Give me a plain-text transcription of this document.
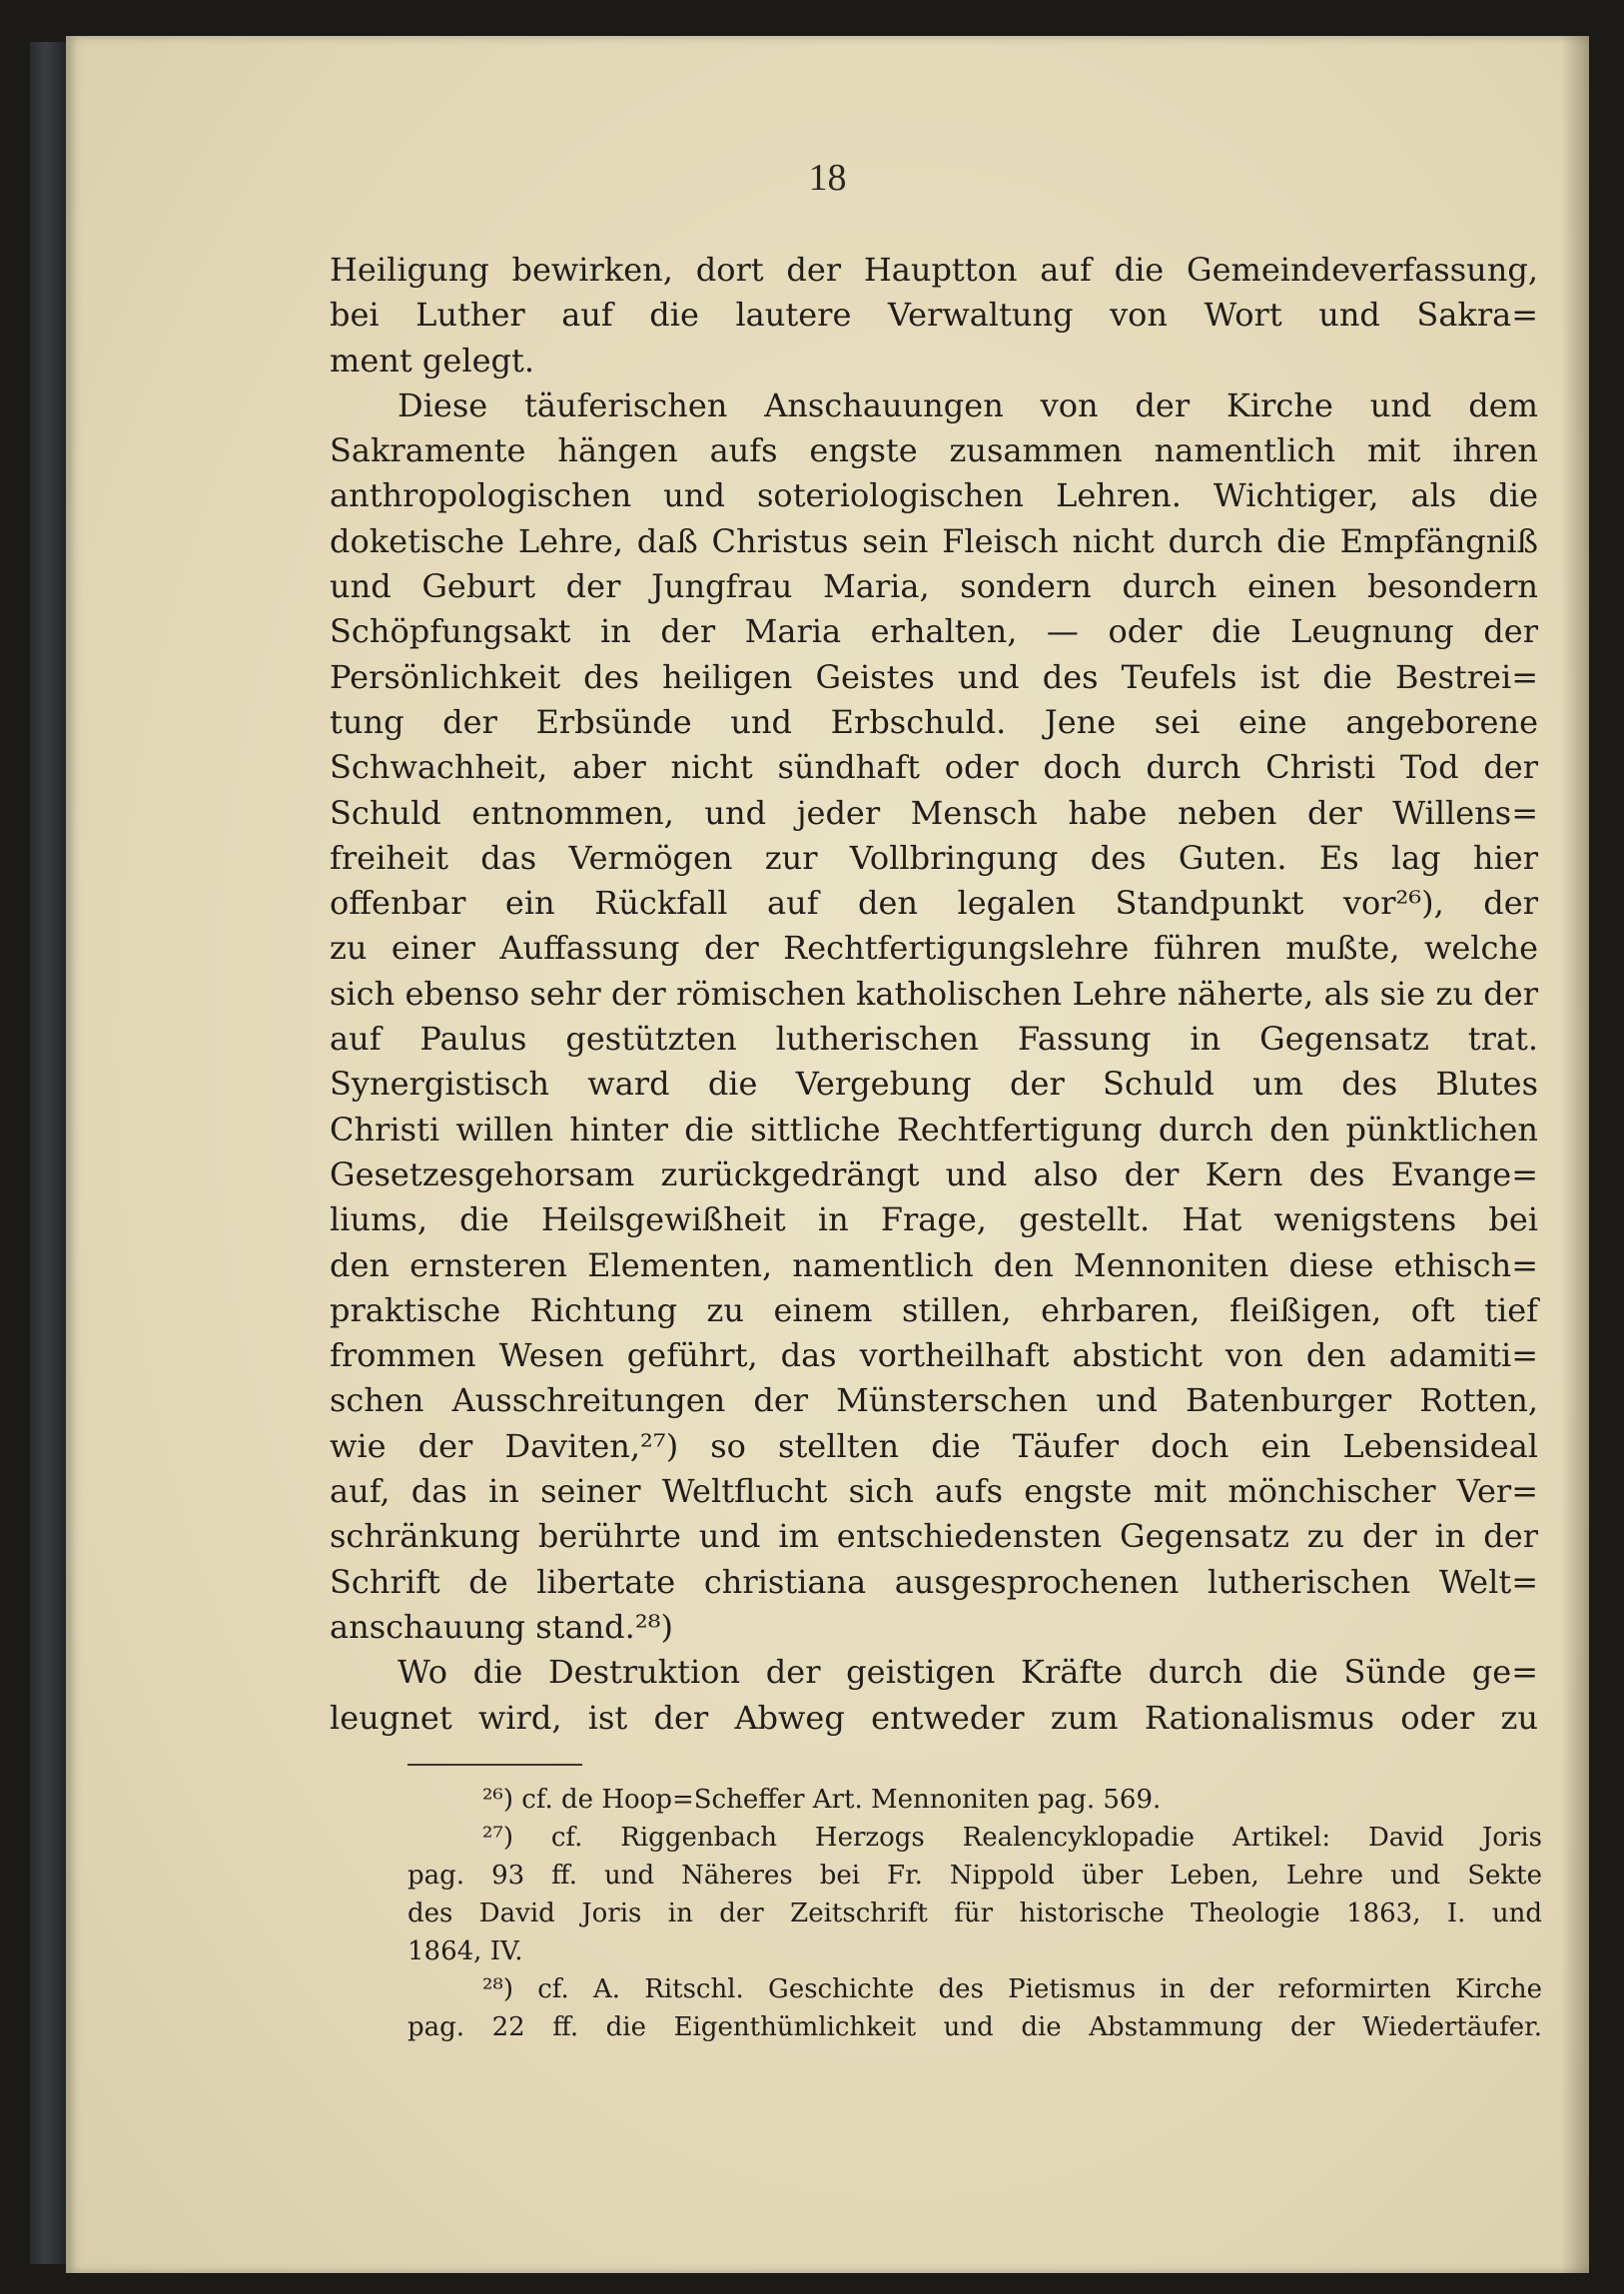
18
Heiligung bewirken, dort der Hauptton auf die Gemeindeverfassung,
bei Luther auf die lautere Verwaltung von Wort und Sakra=
ment gelegt.
Diese täuferischen Anschauungen von der Kirche und dem
Sakramente hängen aufs engste zusammen namentlich mit ihren
anthropologischen und soteriologischen Lehren. Wichtiger, als die
doketische Lehre, daß Christus sein Fleisch nicht durch die Empfängniß
und Geburt der Jungfrau Maria, sondern durch einen besondern
Schöpfungsakt in der Maria erhalten, — oder die Leugnung der
Persönlichkeit des heiligen Geistes und des Teufels ist die Bestrei=
tung der Erbsünde und Erbschuld. Jene sei eine angeborene
Schwachheit, aber nicht sündhaft oder doch durch Christi Tod der
Schuld entnommen, und jeder Mensch habe neben der Willens=
freiheit das Vermögen zur Vollbringung des Guten. Es lag hier
offenbar ein Rückfall auf den legalen Standpunkt vor²⁶), der
zu einer Auffassung der Rechtfertigungslehre führen mußte, welche
sich ebenso sehr der römischen katholischen Lehre näherte, als sie zu der
auf Paulus gestützten lutherischen Fassung in Gegensatz trat.
Synergistisch ward die Vergebung der Schuld um des Blutes
Christi willen hinter die sittliche Rechtfertigung durch den pünktlichen
Gesetzesgehorsam zurückgedrängt und also der Kern des Evange=
liums, die Heilsgewißheit in Frage, gestellt. Hat wenigstens bei
den ernsteren Elementen, namentlich den Mennoniten diese ethisch=
praktische Richtung zu einem stillen, ehrbaren, fleißigen, oft tief
frommen Wesen geführt, das vortheilhaft absticht von den adamiti=
schen Ausschreitungen der Münsterschen und Batenburger Rotten,
wie der Daviten,²⁷) so stellten die Täufer doch ein Lebensideal
auf, das in seiner Weltflucht sich aufs engste mit mönchischer Ver=
schränkung berührte und im entschiedensten Gegensatz zu der in der
Schrift de libertate christiana ausgesprochenen lutherischen Welt=
anschauung stand.²⁸)
Wo die Destruktion der geistigen Kräfte durch die Sünde ge=
leugnet wird, ist der Abweg entweder zum Rationalismus oder zu
²⁶) cf. de Hoop=Scheffer Art. Mennoniten pag. 569.
²⁷) cf. Riggenbach Herzogs Realencyklopadie Artikel: David Joris
pag. 93 ff. und Näheres bei Fr. Nippold über Leben, Lehre und Sekte
des David Joris in der Zeitschrift für historische Theologie 1863, I. und
1864, IV.
²⁸) cf. A. Ritschl. Geschichte des Pietismus in der reformirten Kirche
pag. 22 ff. die Eigenthümlichkeit und die Abstammung der Wiedertäufer.
